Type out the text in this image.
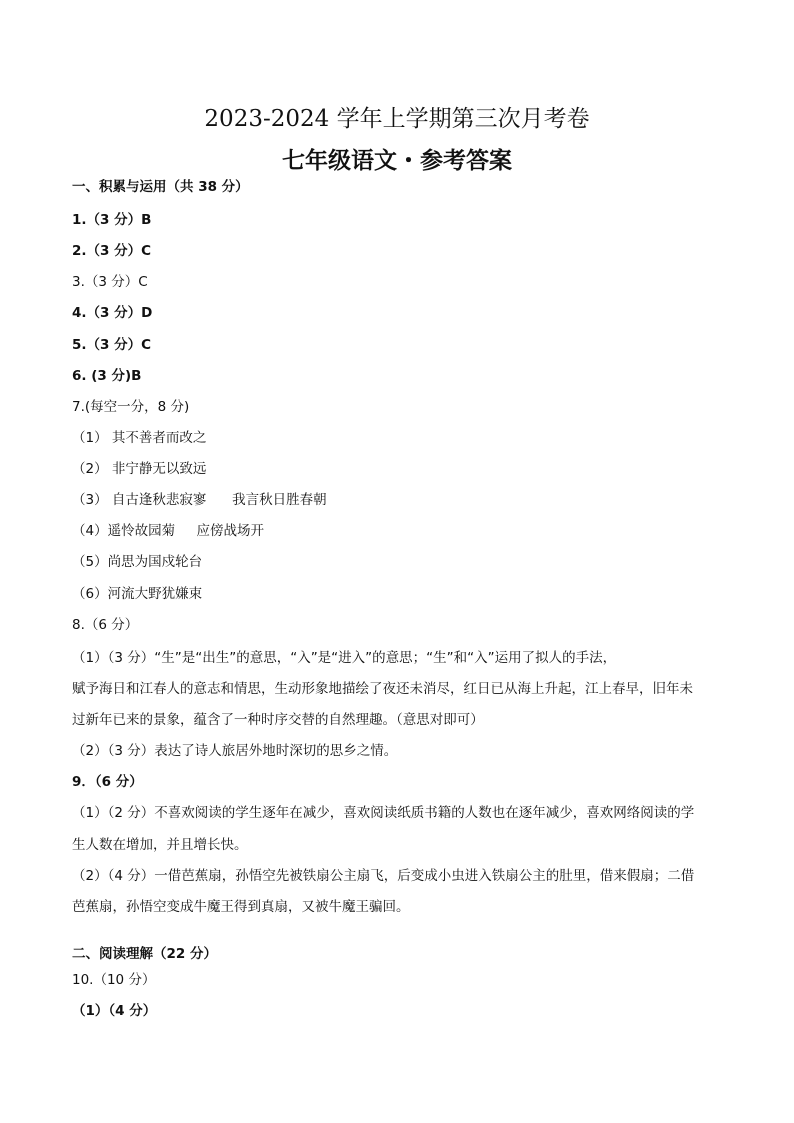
2023-2024 学年上学期第三次月考卷
七年级语文・参考答案
一、积累与运用（共 38 分）
1.（3 分）B
2.（3 分）C
3.（3 分）C
4.（3 分）D
5.（3 分）C
6. (3 分)B
7.(每空一分，8 分)
（1） 其不善者而改之
（2） 非宁静无以致远
（3） 自古逢秋悲寂寥      我言秋日胜春朝
（4）遥怜故园菊     应傍战场开
（5）尚思为国戍轮台
（6）河流大野犹嫌束
8.（6 分）
（1）（3 分）“生”是“出生”的意思，“入”是“进入”的意思；“生”和“入”运用了拟人的手法，
赋予海日和江春人的意志和情思，生动形象地描绘了夜还未消尽，红日已从海上升起，江上春早，旧年未
过新年已来的景象，蕴含了一种时序交替的自然理趣。（意思对即可）
（2）（3 分）表达了诗人旅居外地时深切的思乡之情。
9．（6 分）
（1）（2 分）不喜欢阅读的学生逐年在减少，喜欢阅读纸质书籍的人数也在逐年减少，喜欢网络阅读的学
生人数在增加，并且增长快。
（2）（4 分）一借芭蕉扇，孙悟空先被铁扇公主扇飞，后变成小虫进入铁扇公主的肚里，借来假扇；二借
芭蕉扇，孙悟空变成牛魔王得到真扇，又被牛魔王骗回。
二、阅读理解（22 分）
10.（10 分）
（1）（4 分）
